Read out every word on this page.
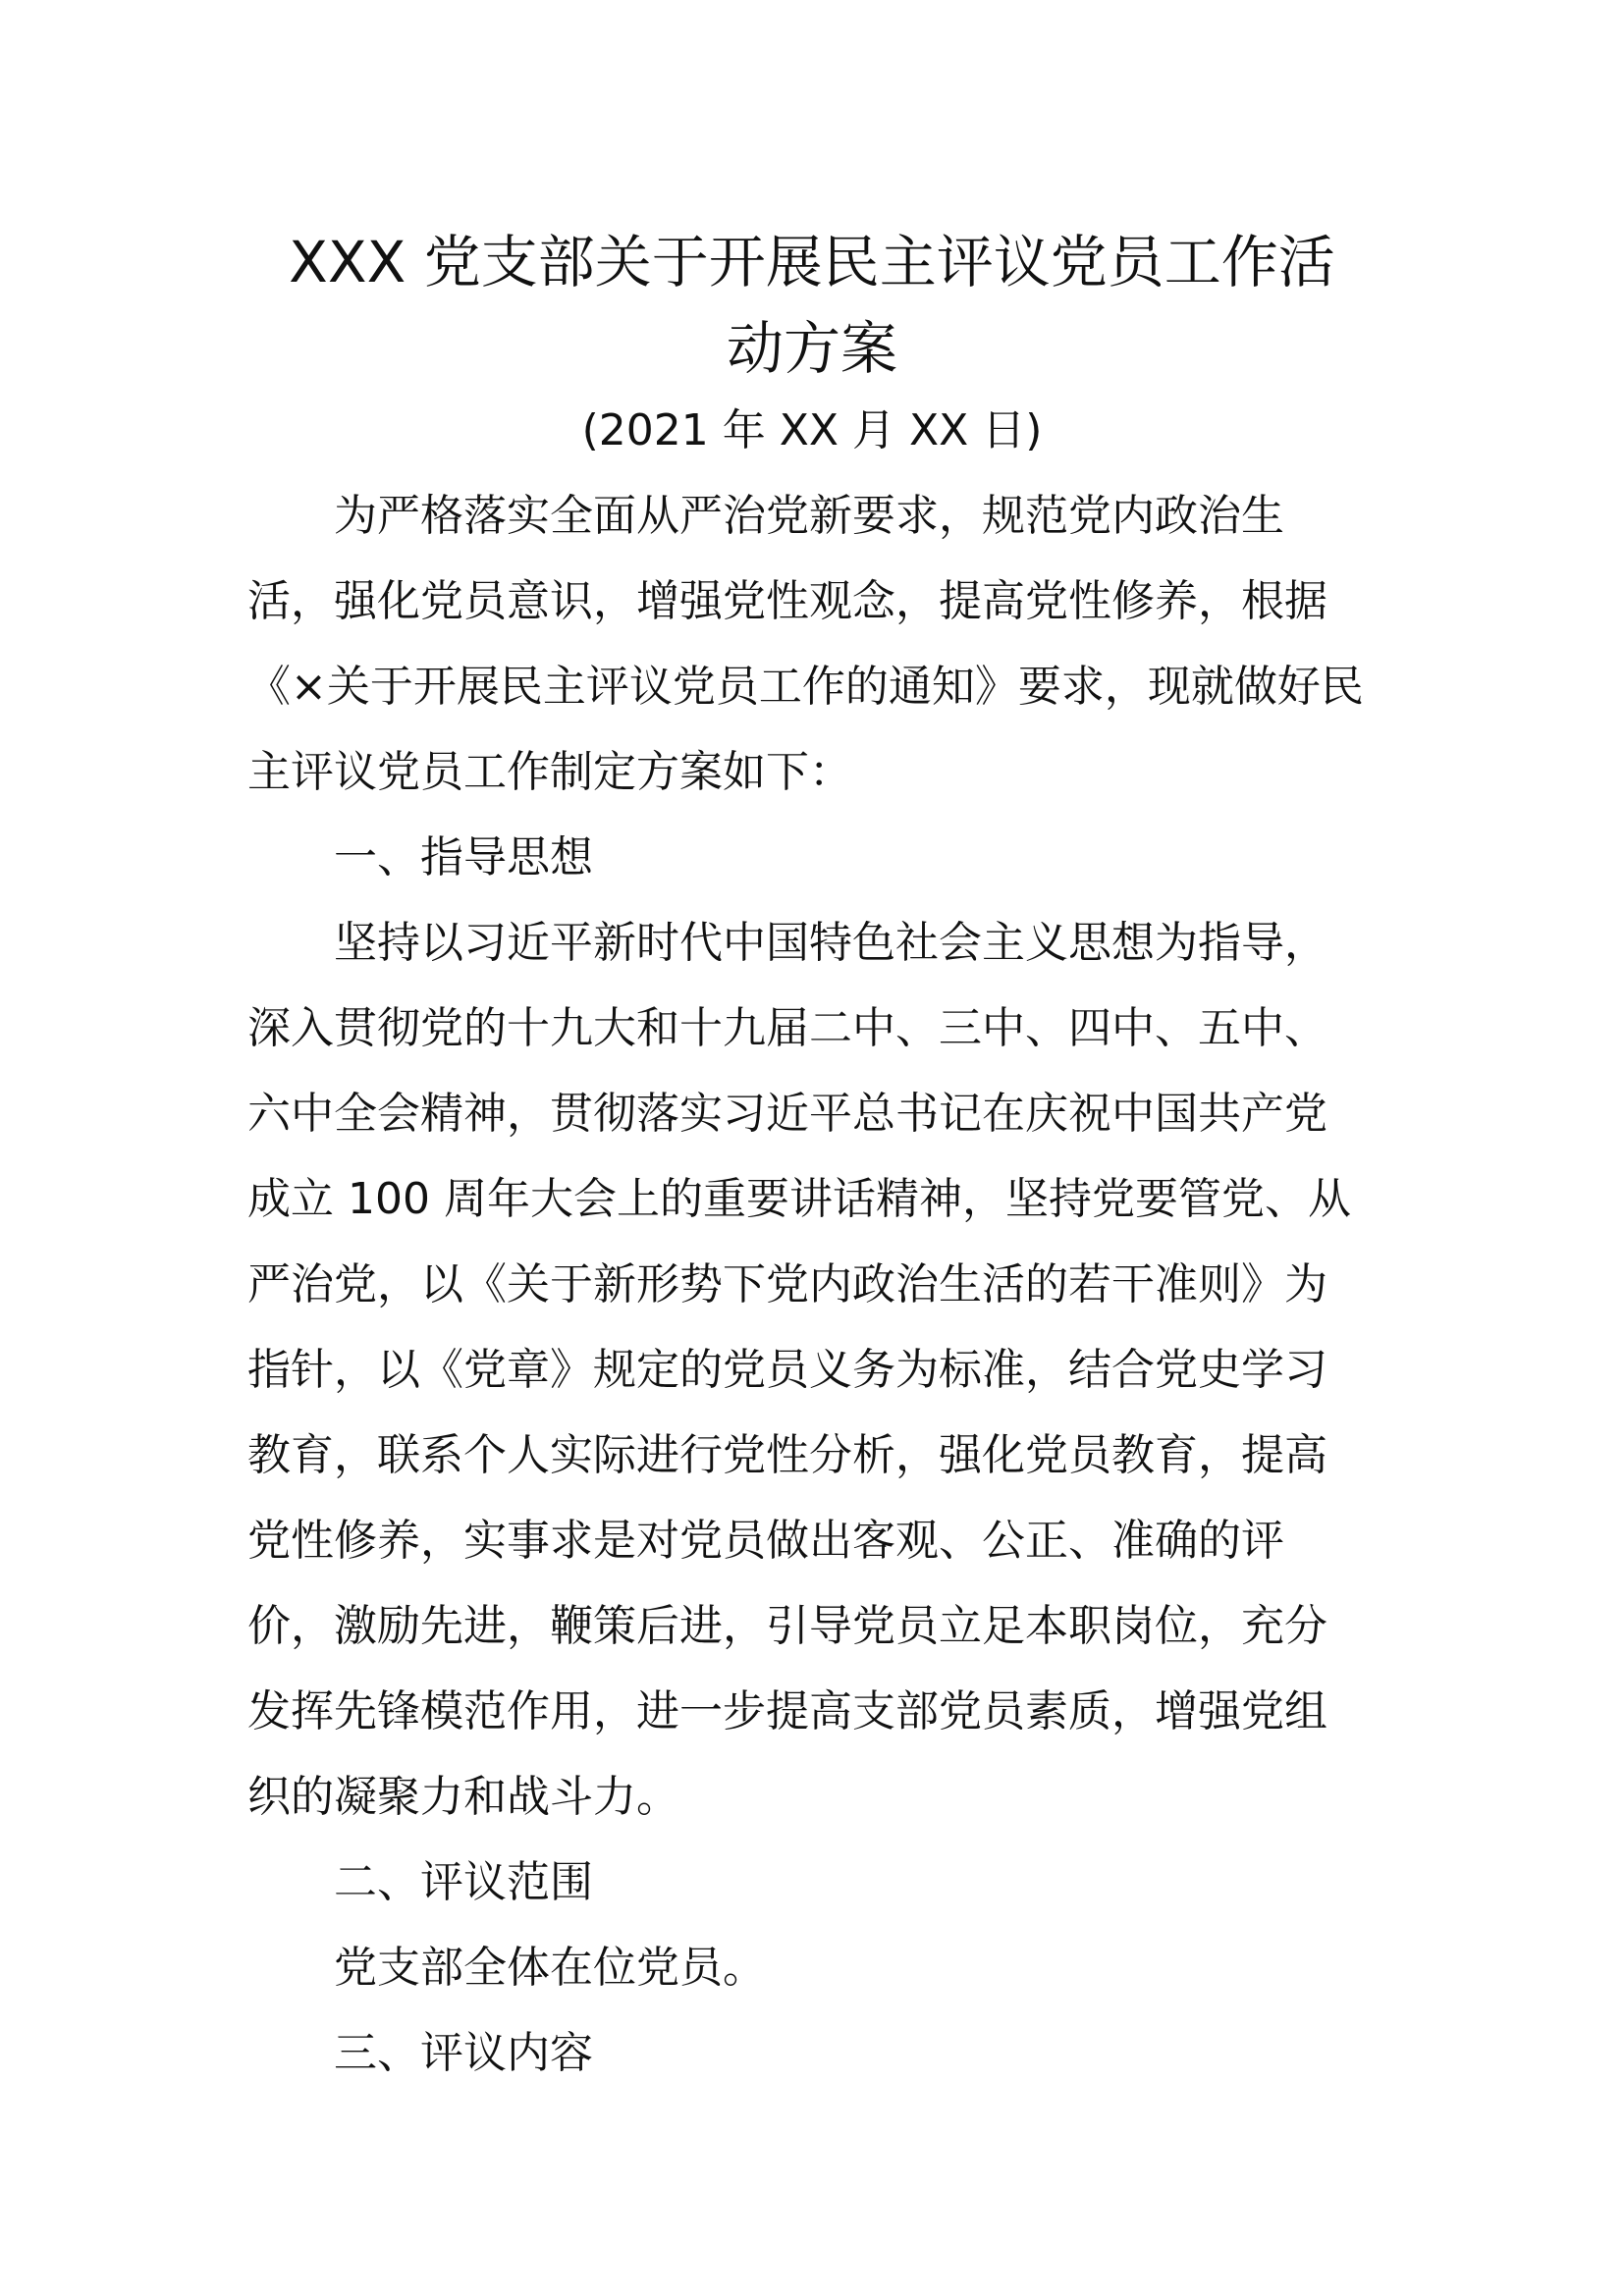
XXX 党支部关于开展民主评议党员工作活
动方案
(2021 年 XX 月 XX 日)
为严格落实全面从严治党新要求，规范党内政治生
活，强化党员意识，增强党性观念，提高党性修养，根据
《×关于开展民主评议党员工作的通知》要求，现就做好民
主评议党员工作制定方案如下：
一、指导思想
坚持以习近平新时代中国特色社会主义思想为指导，
深入贯彻党的十九大和十九届二中、三中、四中、五中、
六中全会精神，贯彻落实习近平总书记在庆祝中国共产党
成立 100 周年大会上的重要讲话精神，坚持党要管党、从
严治党，以《关于新形势下党内政治生活的若干准则》为
指针，以《党章》规定的党员义务为标准，结合党史学习
教育，联系个人实际进行党性分析，强化党员教育，提高
党性修养，实事求是对党员做出客观、公正、准确的评
价，激励先进，鞭策后进，引导党员立足本职岗位，充分
发挥先锋模范作用，进一步提高支部党员素质，增强党组
织的凝聚力和战斗力。
二、评议范围
党支部全体在位党员。
三、评议内容
